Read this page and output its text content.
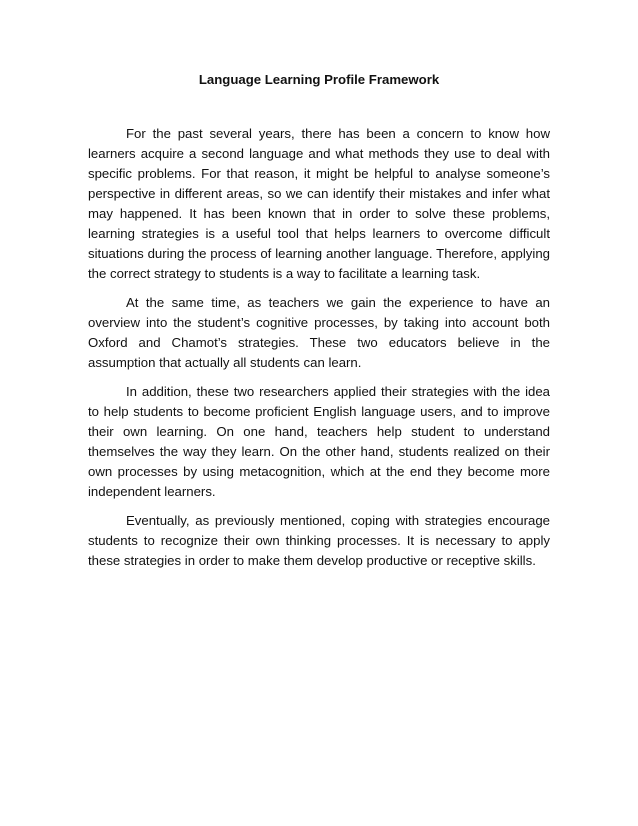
Language Learning Profile Framework

For the past several years, there has been a concern to know how learners acquire a second language and what methods they use to deal with specific problems. For that reason, it might be helpful to analyse someone’s perspective in different areas, so we can identify their mistakes and infer what may happened. It has been known that in order to solve these problems, learning strategies is a useful tool that helps learners to overcome difficult situations during the process of learning another language. Therefore, applying the correct strategy to students is a way to facilitate a learning task.

At the same time, as teachers we gain the experience to have an overview into the student’s cognitive processes, by taking into account both Oxford and Chamot’s strategies. These two educators believe in the assumption that actually all students can learn.

In addition, these two researchers applied their strategies with the idea to help students to become proficient English language users, and to improve their own learning. On one hand, teachers help student to understand themselves the way they learn. On the other hand, students realized on their own processes by using metacognition, which at the end they become more independent learners.

Eventually, as previously mentioned, coping with strategies encourage students to recognize their own thinking processes. It is necessary to apply these strategies in order to make them develop productive or receptive skills.
